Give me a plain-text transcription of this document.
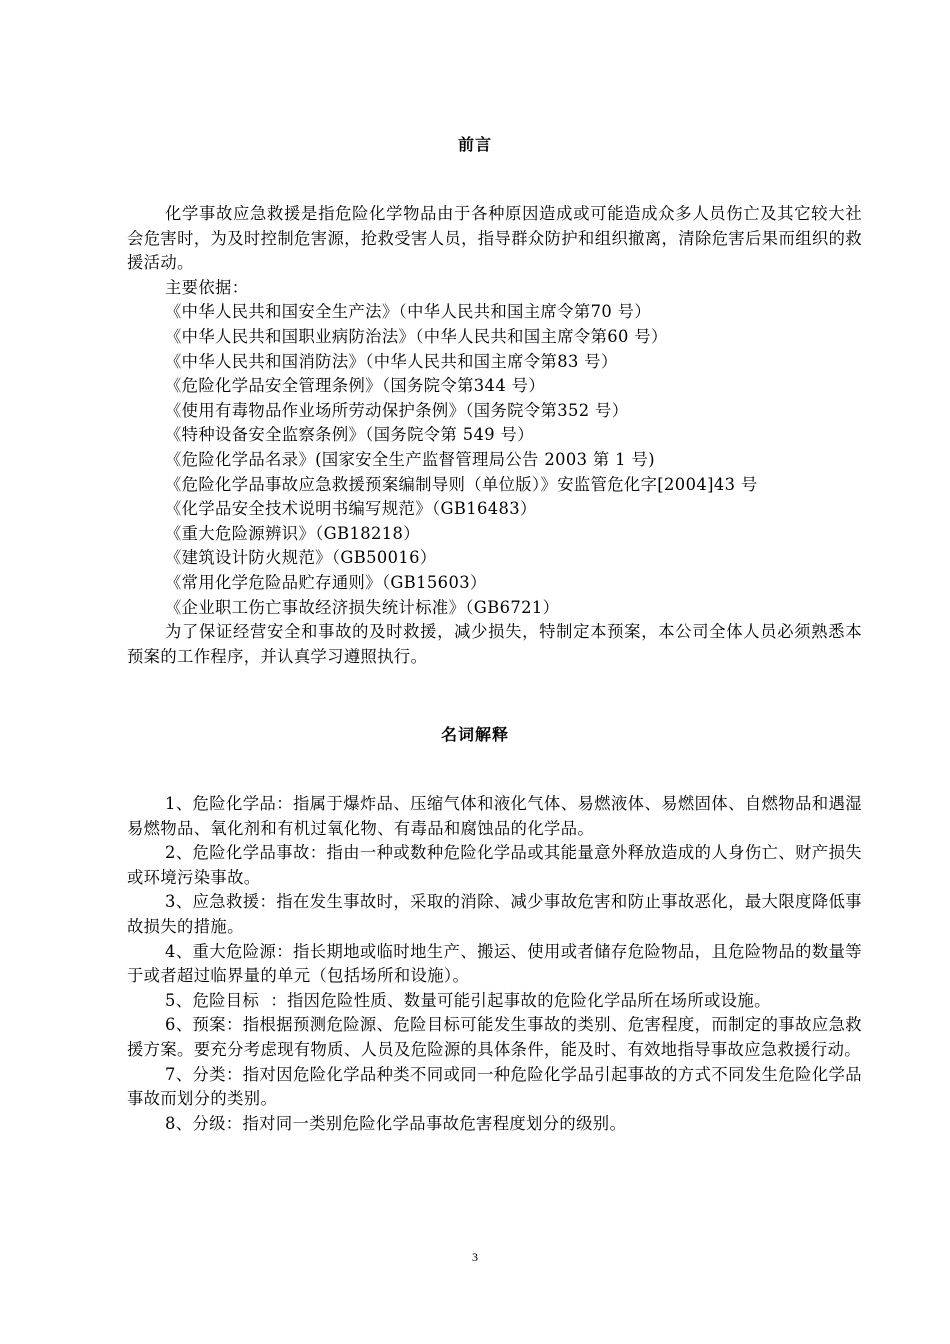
前言

化学事故应急救援是指危险化学物品由于各种原因造成或可能造成众多人员伤亡及其它较大社会危害时，为及时控制危害源，抢救受害人员，指导群众防护和组织撤离，清除危害后果而组织的救援活动。

主要依据：

《中华人民共和国安全生产法》（中华人民共和国主席令第70 号）

《中华人民共和国职业病防治法》（中华人民共和国主席令第60 号）

《中华人民共和国消防法》（中华人民共和国主席令第83 号）

《危险化学品安全管理条例》（国务院令第344 号）

《使用有毒物品作业场所劳动保护条例》（国务院令第352 号）

《特种设备安全监察条例》（国务院令第 549 号）

《危险化学品名录》(国家安全生产监督管理局公告 2003 第 1 号)

《危险化学品事故应急救援预案编制导则（单位版）》安监管危化字[2004]43 号

《化学品安全技术说明书编写规范》（GB16483）

《重大危险源辨识》（GB18218）

《建筑设计防火规范》（GB50016）

《常用化学危险品贮存通则》（GB15603）

《企业职工伤亡事故经济损失统计标准》（GB6721）

为了保证经营安全和事故的及时救援，减少损失，特制定本预案，本公司全体人员必须熟悉本预案的工作程序，并认真学习遵照执行。

名词解释

1、危险化学品：指属于爆炸品、压缩气体和液化气体、易燃液体、易燃固体、自燃物品和遇湿易燃物品、氧化剂和有机过氧化物、有毒品和腐蚀品的化学品。

2、危险化学品事故：指由一种或数种危险化学品或其能量意外释放造成的人身伤亡、财产损失或环境污染事故。

3、应急救援：指在发生事故时，采取的消除、减少事故危害和防止事故恶化，最大限度降低事故损失的措施。

4、重大危险源：指长期地或临时地生产、搬运、使用或者储存危险物品，且危险物品的数量等于或者超过临界量的单元（包括场所和设施）。

5、危险目标  ：指因危险性质、数量可能引起事故的危险化学品所在场所或设施。

6、预案：指根据预测危险源、危险目标可能发生事故的类别、危害程度，而制定的事故应急救援方案。要充分考虑现有物质、人员及危险源的具体条件，能及时、有效地指导事故应急救援行动。

7、分类：指对因危险化学品种类不同或同一种危险化学品引起事故的方式不同发生危险化学品事故而划分的类别。

8、分级：指对同一类别危险化学品事故危害程度划分的级别。

3
